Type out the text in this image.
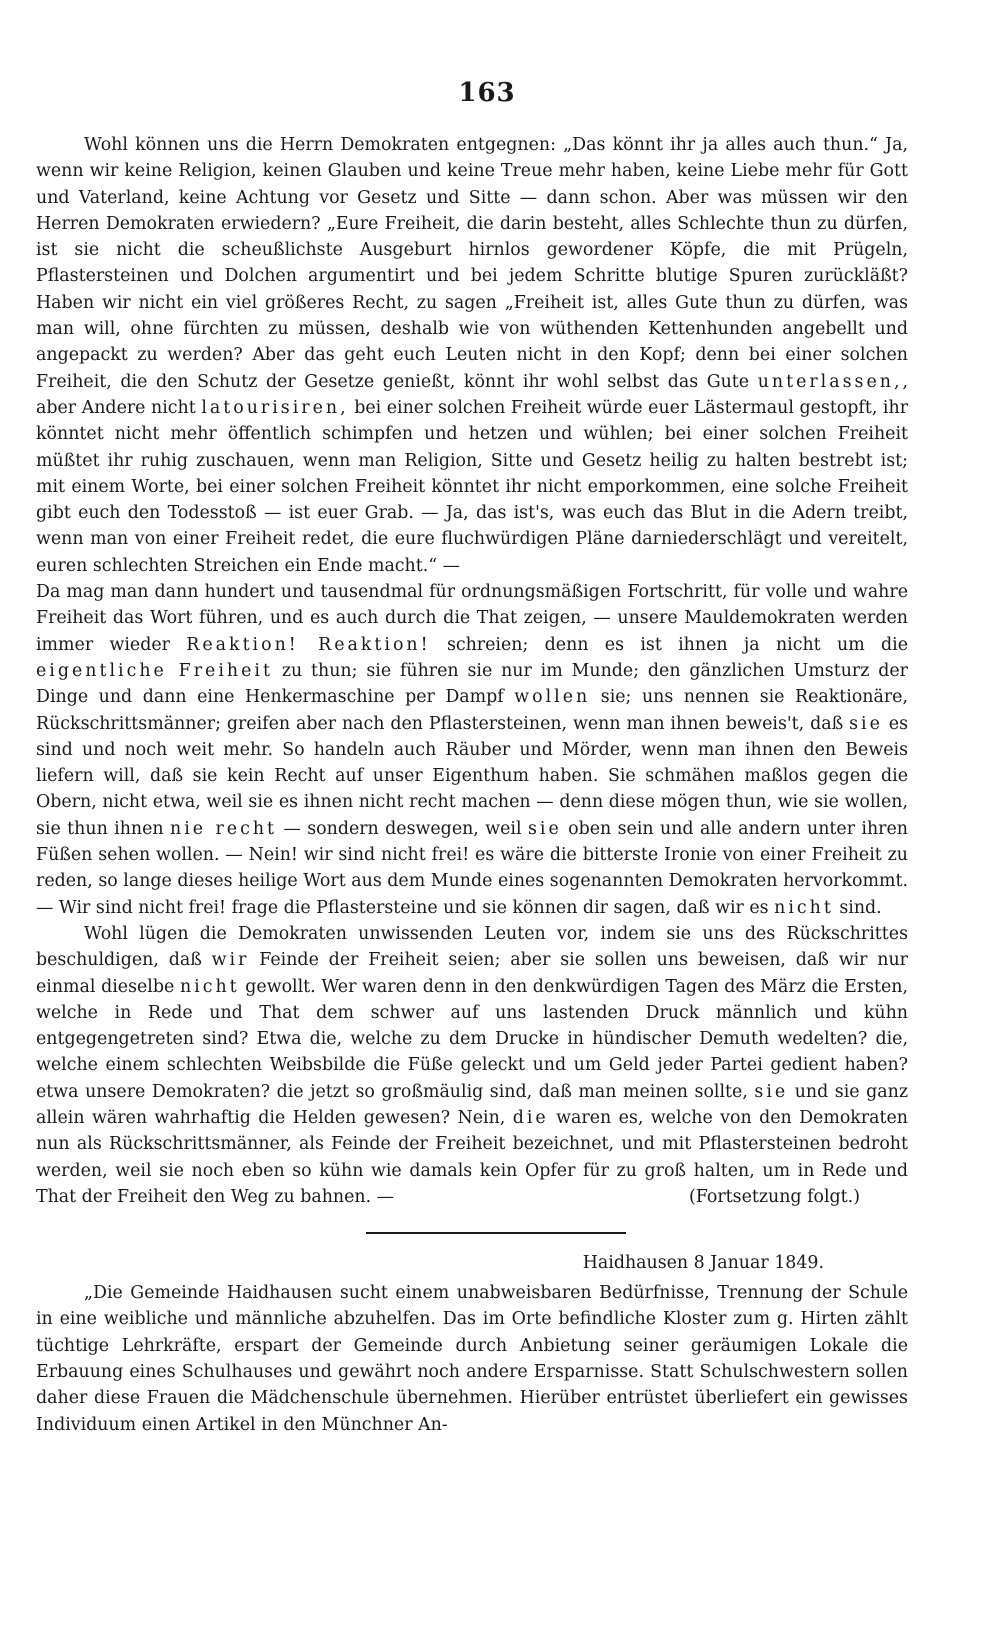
163

Wohl können uns die Herrn Demokraten entgegnen: „Das könnt ihr ja alles auch thun.“ Ja, wenn wir keine Religion, keinen Glauben und keine Treue mehr haben, keine Liebe mehr für Gott und Vaterland, keine Achtung vor Gesetz und Sitte — dann schon. Aber was müssen wir den Herren Demokraten erwiedern? „Eure Freiheit, die darin besteht, alles Schlechte thun zu dürfen, ist sie nicht die scheußlichste Ausgeburt hirnlos gewordener Köpfe, die mit Prügeln, Pflastersteinen und Dolchen argumentirt und bei jedem Schritte blutige Spuren zurückläßt? Haben wir nicht ein viel größeres Recht, zu sagen „Freiheit ist, alles Gute thun zu dürfen, was man will, ohne fürchten zu müssen, deshalb wie von wüthenden Kettenhunden angebellt und angepackt zu werden? Aber das geht euch Leuten nicht in den Kopf; denn bei einer solchen Freiheit, die den Schutz der Gesetze genießt, könnt ihr wohl selbst das Gute unterlassen,, aber Andere nicht latourisiren, bei einer solchen Freiheit würde euer Lästermaul gestopft, ihr könntet nicht mehr öffentlich schimpfen und hetzen und wühlen; bei einer solchen Freiheit müßtet ihr ruhig zuschauen, wenn man Religion, Sitte und Gesetz heilig zu halten bestrebt ist; mit einem Worte, bei einer solchen Freiheit könntet ihr nicht emporkommen, eine solche Freiheit gibt euch den Todesstoß — ist euer Grab. — Ja, das ist's, was euch das Blut in die Adern treibt, wenn man von einer Freiheit redet, die eure fluchwürdigen Pläne darniederschlägt und vereitelt, euren schlechten Streichen ein Ende macht.“ —

Da mag man dann hundert und tausendmal für ordnungsmäßigen Fortschritt, für volle und wahre Freiheit das Wort führen, und es auch durch die That zeigen, — unsere Mauldemokraten werden immer wieder Reaktion! Reaktion! schreien; denn es ist ihnen ja nicht um die eigentliche Freiheit zu thun; sie führen sie nur im Munde; den gänzlichen Umsturz der Dinge und dann eine Henkermaschine per Dampf wollen sie; uns nennen sie Reaktionäre, Rückschrittsmänner; greifen aber nach den Pflastersteinen, wenn man ihnen beweis't, daß sie es sind und noch weit mehr. So handeln auch Räuber und Mörder, wenn man ihnen den Beweis liefern will, daß sie kein Recht auf unser Eigenthum haben. Sie schmähen maßlos gegen die Obern, nicht etwa, weil sie es ihnen nicht recht machen — denn diese mögen thun, wie sie wollen, sie thun ihnen nie recht — sondern deswegen, weil sie oben sein und alle andern unter ihren Füßen sehen wollen. — Nein! wir sind nicht frei! es wäre die bitterste Ironie von einer Freiheit zu reden, so lange dieses heilige Wort aus dem Munde eines sogenannten Demokraten hervorkommt. — Wir sind nicht frei! frage die Pflastersteine und sie können dir sagen, daß wir es nicht sind.

Wohl lügen die Demokraten unwissenden Leuten vor, indem sie uns des Rückschrittes beschuldigen, daß wir Feinde der Freiheit seien; aber sie sollen uns beweisen, daß wir nur einmal dieselbe nicht gewollt. Wer waren denn in den denkwürdigen Tagen des März die Ersten, welche in Rede und That dem schwer auf uns lastenden Druck männlich und kühn entgegengetreten sind? Etwa die, welche zu dem Drucke in hündischer Demuth wedelten? die, welche einem schlechten Weibsbilde die Füße geleckt und um Geld jeder Partei gedient haben? etwa unsere Demokraten? die jetzt so großmäulig sind, daß man meinen sollte, sie und sie ganz allein wären wahrhaftig die Helden gewesen? Nein, die waren es, welche von den Demokraten nun als Rückschrittsmänner, als Feinde der Freiheit bezeichnet, und mit Pflastersteinen bedroht werden, weil sie noch eben so kühn wie damals kein Opfer für zu groß halten, um in Rede und That der Freiheit den Weg zu bahnen. —	(Fortsetzung folgt.)

Haidhausen 8 Januar 1849.

„Die Gemeinde Haidhausen sucht einem unabweisbaren Bedürfnisse, Trennung der Schule in eine weibliche und männliche abzuhelfen. Das im Orte befindliche Kloster zum g. Hirten zählt tüchtige Lehrkräfte, erspart der Gemeinde durch Anbietung seiner geräumigen Lokale die Erbauung eines Schulhauses und gewährt noch andere Ersparnisse. Statt Schulschwestern sollen daher diese Frauen die Mädchenschule übernehmen. Hierüber entrüstet überliefert ein gewisses Individuum einen Artikel in den Münchner An-
